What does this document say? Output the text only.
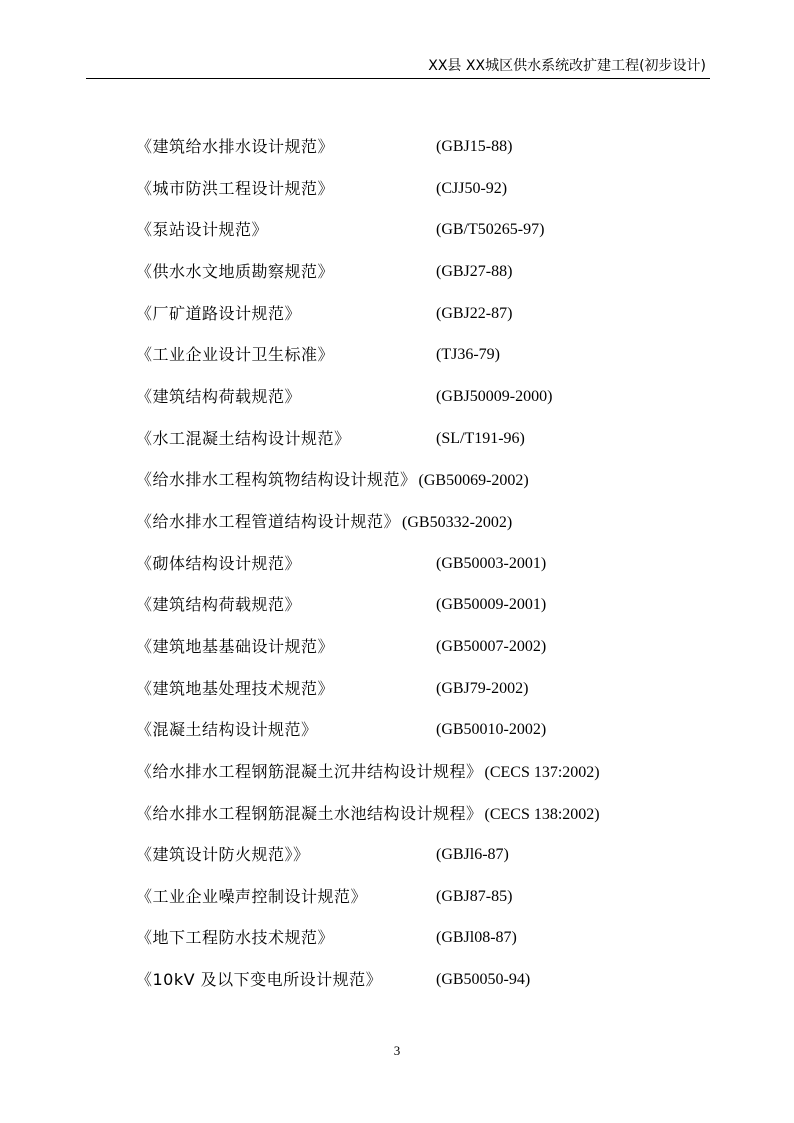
XX县 XX城区供水系统改扩建工程(初步设计)
《建筑给水排水设计规范》	(GBJ15-88)
《城市防洪工程设计规范》	(CJJ50-92)
《泵站设计规范》	(GB/T50265-97)
《供水水文地质勘察规范》	(GBJ27-88)
《厂矿道路设计规范》	(GBJ22-87)
《工业企业设计卫生标准》	(TJ36-79)
《建筑结构荷载规范》	(GBJ50009-2000)
《水工混凝土结构设计规范》	(SL/T191-96)
《给水排水工程构筑物结构设计规范》 (GB50069-2002)
《给水排水工程管道结构设计规范》 (GB50332-2002)
《砌体结构设计规范》	(GB50003-2001)
《建筑结构荷载规范》	(GB50009-2001)
《建筑地基基础设计规范》	(GB50007-2002)
《建筑地基处理技术规范》	(GBJ79-2002)
《混凝土结构设计规范》	(GB50010-2002)
《给水排水工程钢筋混凝土沉井结构设计规程》 (CECS 137:2002)
《给水排水工程钢筋混凝土水池结构设计规程》 (CECS 138:2002)
《建筑设计防火规范》》	(GBJl6-87)
《工业企业噪声控制设计规范》	(GBJ87-85)
《地下工程防水技术规范》	(GBJl08-87)
《10kV 及以下变电所设计规范》	(GB50050-94)
3
